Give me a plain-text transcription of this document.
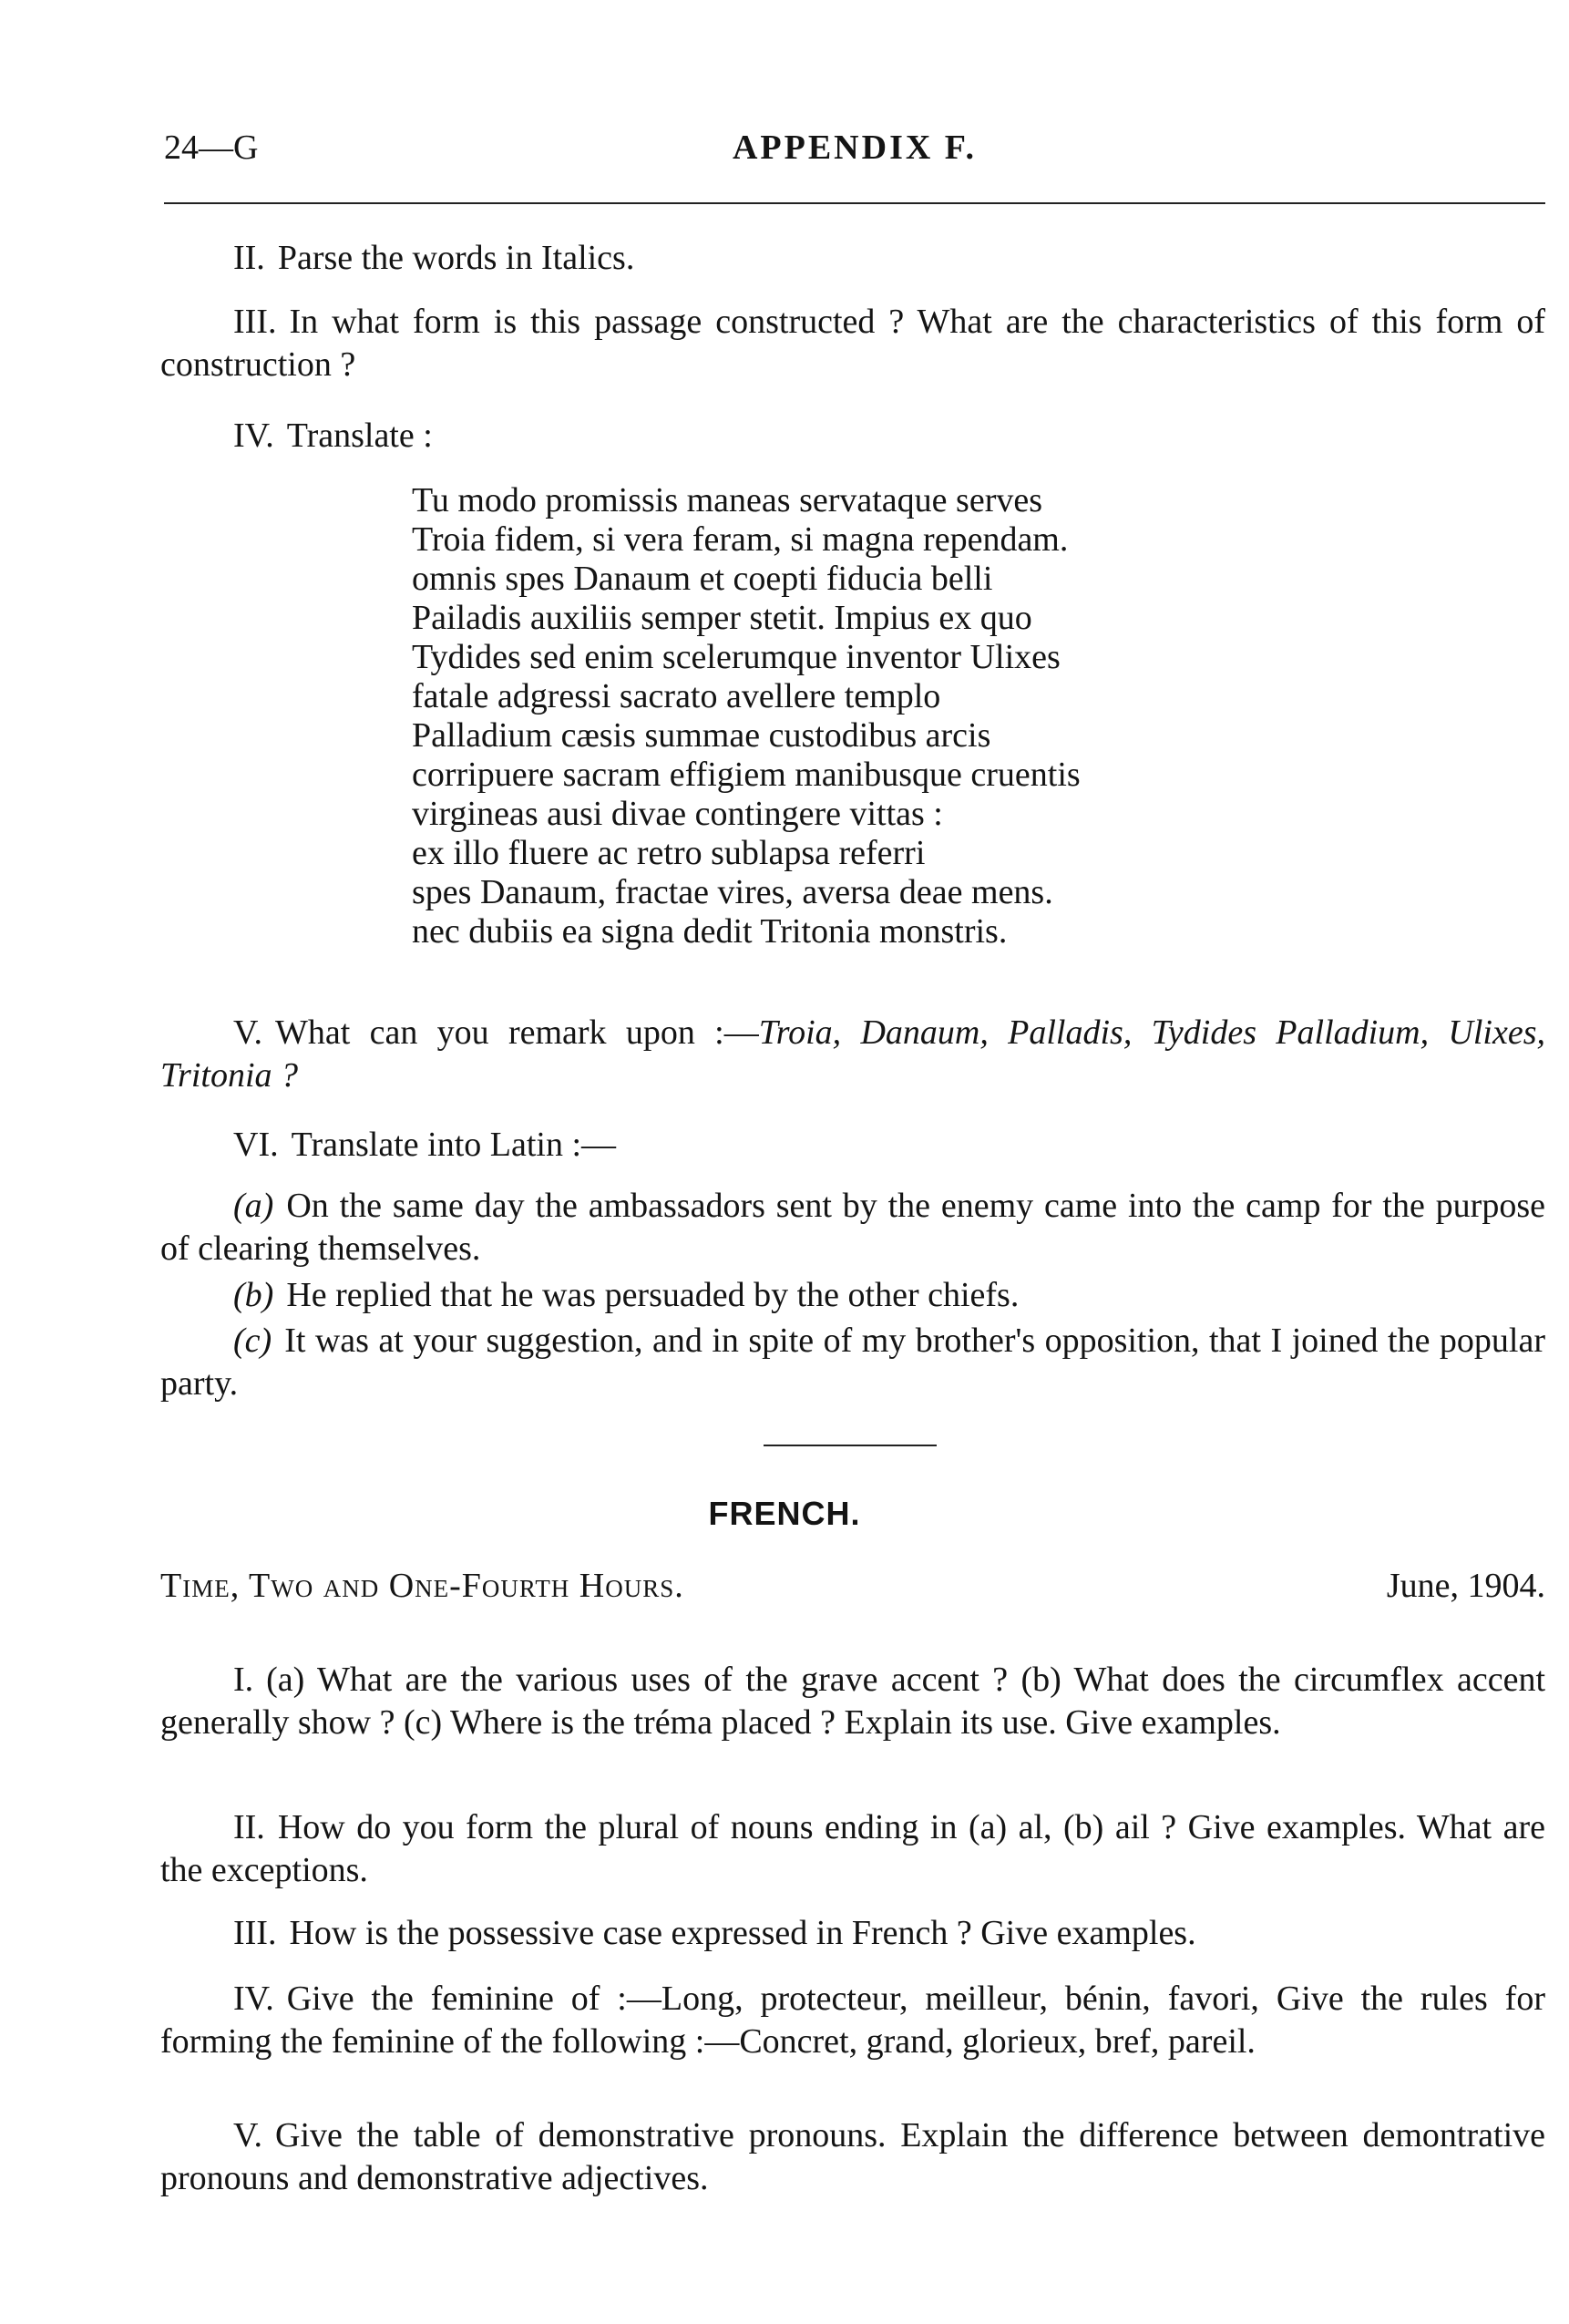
24—G	APPENDIX F.

II. Parse the words in Italics.

III. In what form is this passage constructed ? What are the characteristics of this form of construction ?

IV. Translate :

Tu modo promissis maneas servataque serves
Troia fidem, si vera feram, si magna rependam.
omnis spes Danaum et coepti fiducia belli
Pailadis auxiliis semper stetit. Impius ex quo
Tydides sed enim scelerumque inventor Ulixes
fatale adgressi sacrato avellere templo
Palladium cæsis summae custodibus arcis
corripuere sacram effigiem manibusque cruentis
virgineas ausi divae contingere vittas :
ex illo fluere ac retro sublapsa referri
spes Danaum, fractae vires, aversa deae mens.
nec dubiis ea signa dedit Tritonia monstris.

V. What can you remark upon :—Troia, Danaum, Palladis, Tydides Palladium, Ulixes, Tritonia ?

VI. Translate into Latin :—

(a) On the same day the ambassadors sent by the enemy came into the camp for the purpose of clearing themselves.

(b) He replied that he was persuaded by the other chiefs.

(c) It was at your suggestion, and in spite of my brother's opposition, that I joined the popular party.

FRENCH.
Time, Two and One-Fourth Hours.	June, 1904.

I. (a) What are the various uses of the grave accent ? (b) What does the circumflex accent generally show ? (c) Where is the tréma placed ? Explain its use. Give examples.

II. How do you form the plural of nouns ending in (a) al, (b) ail ? Give examples. What are the exceptions.

III. How is the possessive case expressed in French ? Give examples.

IV. Give the feminine of :—Long, protecteur, meilleur, bénin, favori, Give the rules for forming the feminine of the following :—Concret, grand, glorieux, bref, pareil.

V. Give the table of demonstrative pronouns. Explain the difference between demontrative pronouns and demonstrative adjectives.
